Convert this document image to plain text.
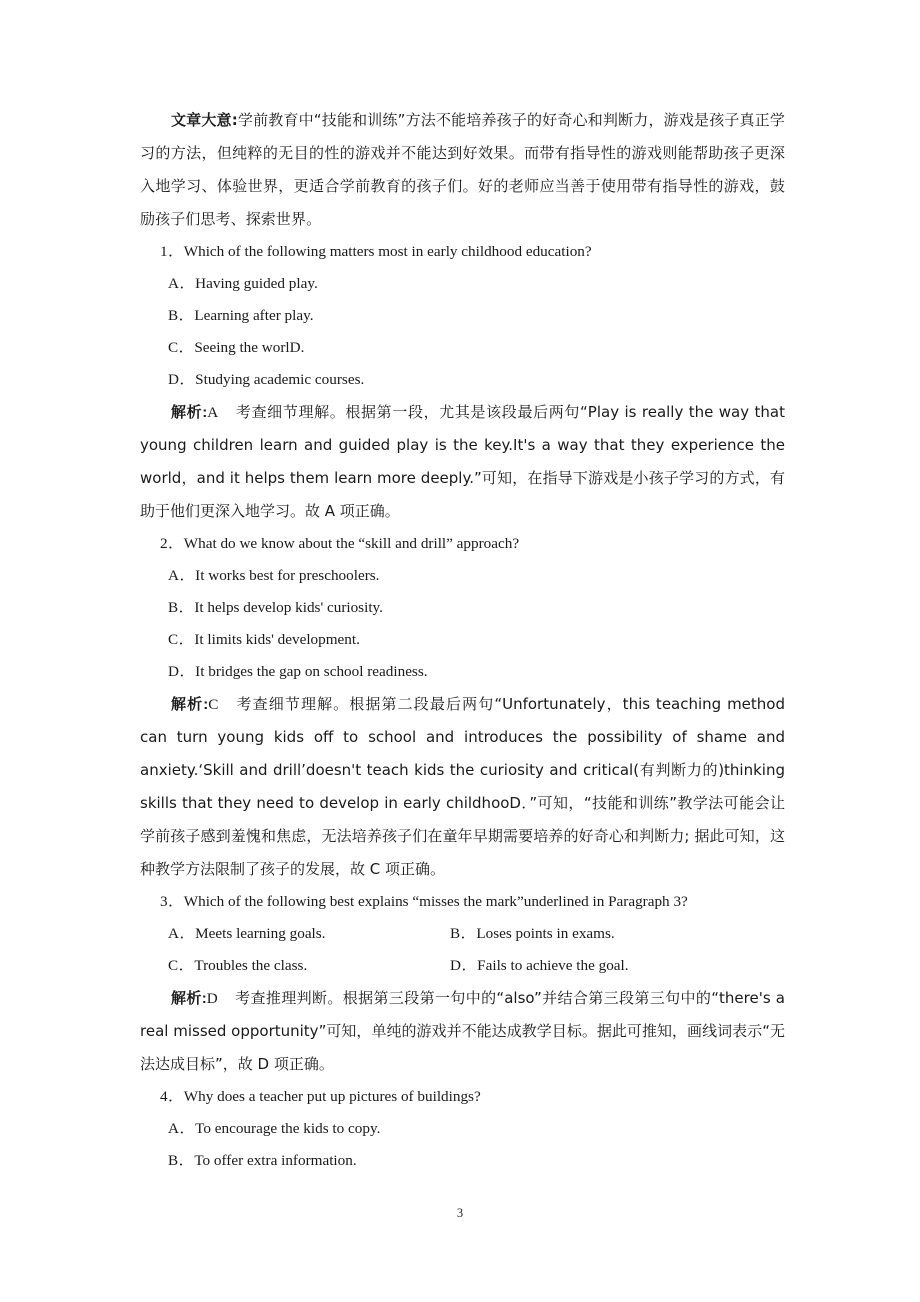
文章大意:学前教育中“技能和训练”方法不能培养孩子的好奇心和判断力，游戏是孩子真正学习的方法，但纯粹的无目的性的游戏并不能达到好效果。而带有指导性的游戏则能帮助孩子更深入地学习、体验世界，更适合学前教育的孩子们。好的老师应当善于使用带有指导性的游戏，鼓励孩子们思考、探索世界。

1．Which of the following matters most in early childhood education?

A．Having guided play.

B．Learning after play.

C．Seeing the worlD.

D．Studying academic courses.

解析:A 考查细节理解。根据第一段，尤其是该段最后两句“Play is really the way that young children learn and guided play is the key.It's a way that they experience the world，and it helps them learn more deeply.”可知，在指导下游戏是小孩子学习的方式，有助于他们更深入地学习。故 A 项正确。

2．What do we know about the “skill and drill” approach?

A．It works best for preschoolers.

B．It helps develop kids' curiosity.

C．It limits kids' development.

D．It bridges the gap on school readiness.

解析:C 考查细节理解。根据第二段最后两句“Unfortunately，this teaching method can turn young kids off to school and introduces the possibility of shame and anxiety.‘Skill and drill’doesn't teach kids the curiosity and critical(有判断力的)thinking skills that they need to develop in early childhooD．”可知，“技能和训练”教学法可能会让学前孩子感到羞愧和焦虑，无法培养孩子们在童年早期需要培养的好奇心和判断力; 据此可知，这种教学方法限制了孩子的发展，故 C 项正确。

3．Which of the following best explains “misses the mark”underlined in Paragraph 3?

A．Meets learning goals.	B．Loses points in exams.
C．Troubles the class.	D．Fails to achieve the goal.

解析:D 考查推理判断。根据第三段第一句中的“also”并结合第三段第三句中的“there's a real missed opportunity”可知，单纯的游戏并不能达成教学目标。据此可推知，画线词表示“无法达成目标”，故 D 项正确。

4．Why does a teacher put up pictures of buildings?

A．To encourage the kids to copy.

B．To offer extra information.

3
